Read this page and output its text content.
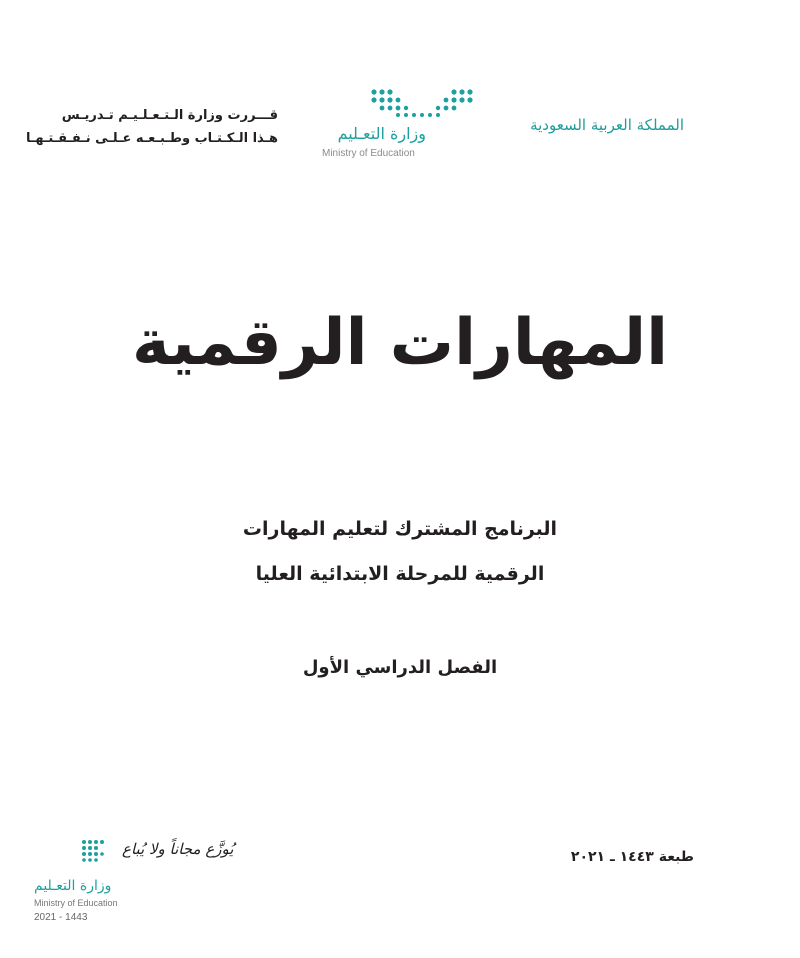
قـــررت وزارة الـتـعـلـيـم تـدريـس
هـذا الـكـتـاب وطـبـعـه عـلـى نـفـقـتـهـا	وزارة التعـليم
Ministry of Education
المملكة العربية السعودية
المهارات الرقمية
البرنامج المشترك لتعليم المهارات
الرقمية للمرحلة الابتدائية العليا
الفصل الدراسي الأول
طبعة ١٤٤٣ ـ ٢٠٢١
يُوزَّع مجاناً ولا يُباع
وزارة التعـليم
Ministry of Education
2021 - 1443
